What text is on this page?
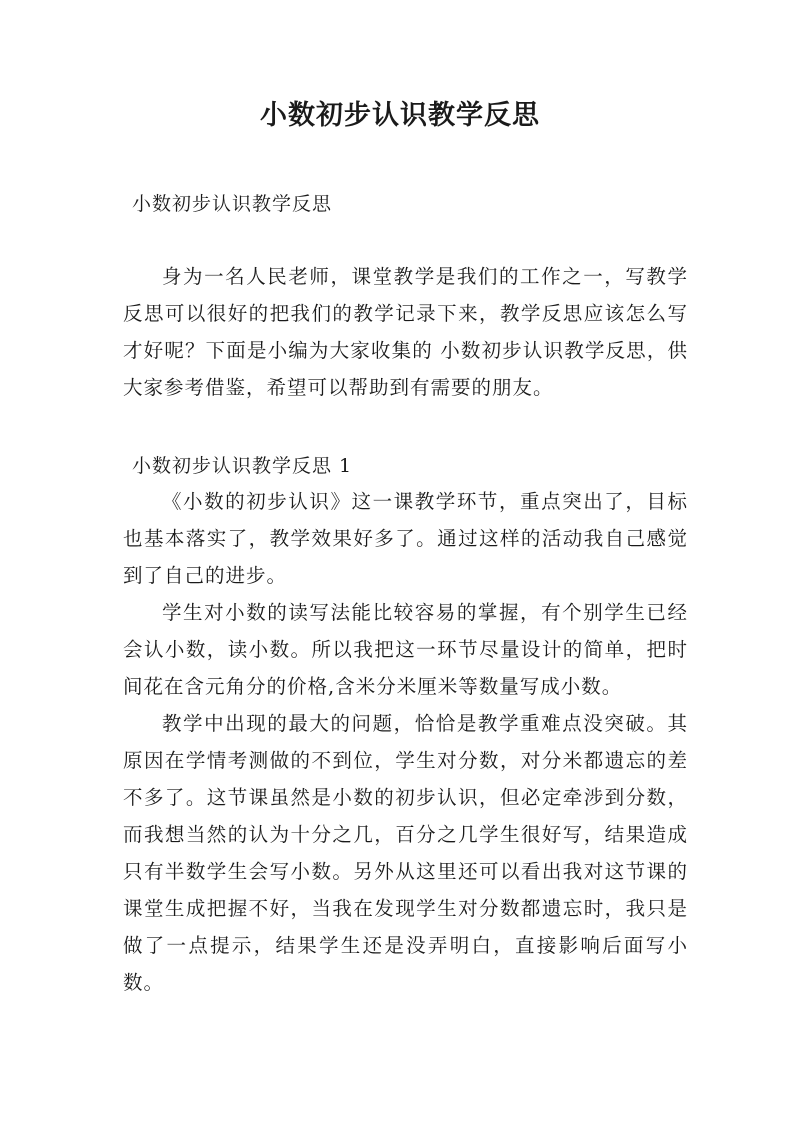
小数初步认识教学反思

小数初步认识教学反思

身为一名人民老师，课堂教学是我们的工作之一，写教学反思可以很好的把我们的教学记录下来，教学反思应该怎么写才好呢？下面是小编为大家收集的 小数初步认识教学反思，供大家参考借鉴，希望可以帮助到有需要的朋友。

小数初步认识教学反思 1

《小数的初步认识》这一课教学环节，重点突出了，目标也基本落实了，教学效果好多了。通过这样的活动我自己感觉到了自己的进步。

学生对小数的读写法能比较容易的掌握，有个别学生已经会认小数，读小数。所以我把这一环节尽量设计的简单，把时间花在含元角分的价格,含米分米厘米等数量写成小数。

教学中出现的最大的问题，恰恰是教学重难点没突破。其原因在学情考测做的不到位，学生对分数，对分米都遗忘的差不多了。这节课虽然是小数的初步认识，但必定牵涉到分数，而我想当然的认为十分之几，百分之几学生很好写，结果造成只有半数学生会写小数。另外从这里还可以看出我对这节课的课堂生成把握不好，当我在发现学生对分数都遗忘时，我只是做了一点提示，结果学生还是没弄明白，直接影响后面写小数。
